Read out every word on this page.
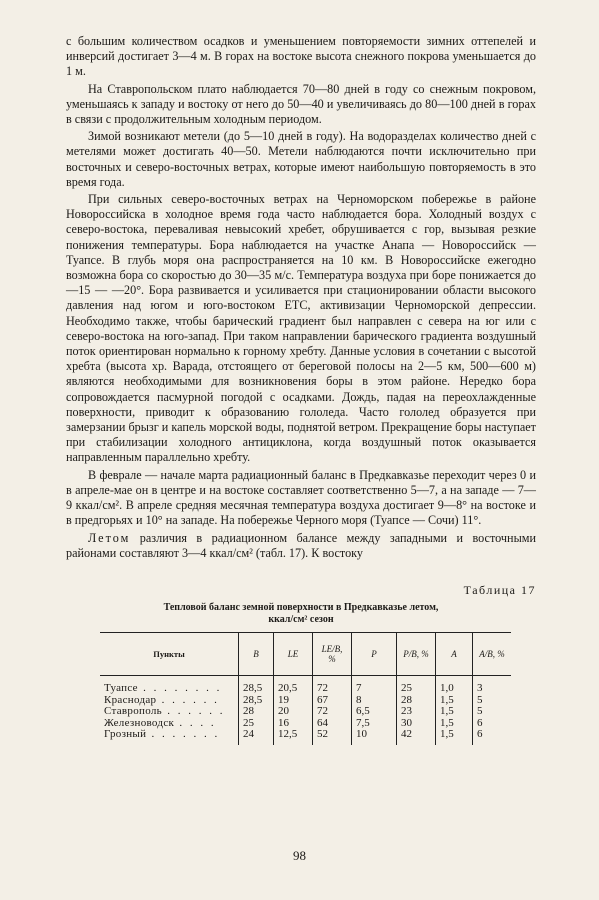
с большим количеством осадков и уменьшением повторяемости зимних оттепелей и инверсий достигает 3—4 м. В горах на востоке высота снежного покрова уменьшается до 1 м.

На Ставропольском плато наблюдается 70—80 дней в году со снежным покровом, уменьшаясь к западу и востоку от него до 50—40 и увеличиваясь до 80—100 дней в горах в связи с продолжительным холодным периодом.

Зимой возникают метели (до 5—10 дней в году). На водоразделах количество дней с метелями может достигать 40—50. Метели наблюдаются почти исключительно при восточных и северо-восточных ветрах, которые имеют наибольшую повторяемость в это время года.

При сильных северо-восточных ветрах на Черноморском побережье в районе Новороссийска в холодное время года часто наблюдается бора. Холодный воздух с северо-востока, переваливая невысокий хребет, обрушивается с гор, вызывая резкие понижения температуры. Бора наблюдается на участке Анапа — Новороссийск — Туапсе. В глубь моря она распространяется на 10 км. В Новороссийске ежегодно возможна бора со скоростью до 30—35 м/с. Температура воздуха при боре понижается до —15 — —20°. Бора развивается и усиливается при стационировании области высокого давления над югом и юго-востоком ЕТС, активизации Черноморской депрессии. Необходимо также, чтобы барический градиент был направлен с севера на юг или с северо-востока на юго-запад. При таком направлении барического градиента воздушный поток ориентирован нормально к горному хребту. Данные условия в сочетании с высотой хребта (высота хр. Варада, отстоящего от береговой полосы на 2—5 км, 500—600 м) являются необходимыми для возникновения боры в этом районе. Нередко бора сопровождается пасмурной погодой с осадками. Дождь, падая на переохлажденные поверхности, приводит к образованию гололеда. Часто гололед образуется при замерзании брызг и капель морской воды, поднятой ветром. Прекращение боры наступает при стабилизации холодного антициклона, когда воздушный поток оказывается направленным параллельно хребту.

В феврале — начале марта радиационный баланс в Предкавказье переходит через 0 и в апреле-мае он в центре и на востоке составляет соответственно 5—7, а на западе — 7—9 ккал/см². В апреле средняя месячная температура воздуха достигает 9—8° на востоке и в предгорьях и 10° на западе. На побережье Черного моря (Туапсе — Сочи) 11°.

Летом различия в радиационном балансе между западными и восточными районами составляют 3—4 ккал/см² (табл. 17). К востоку

Таблица 17
Тепловой баланс земной поверхности в Предкавказье летом,
ккал/см² сезон
Пункты	B	LE	LE/B, %	P	P/B, %	A	A/B, %
Туапсе . . . . . . . .	28,5	20,5	72	7	25	1,0	3
Краснодар . . . . . .	28,5	19	67	8	28	1,5	5
Ставрополь . . . . . .	28	20	72	6,5	23	1,5	5
Железноводск . . . .	25	16	64	7,5	30	1,5	6
Грозный . . . . . . .	24	12,5	52	10	42	1,5	6
98
